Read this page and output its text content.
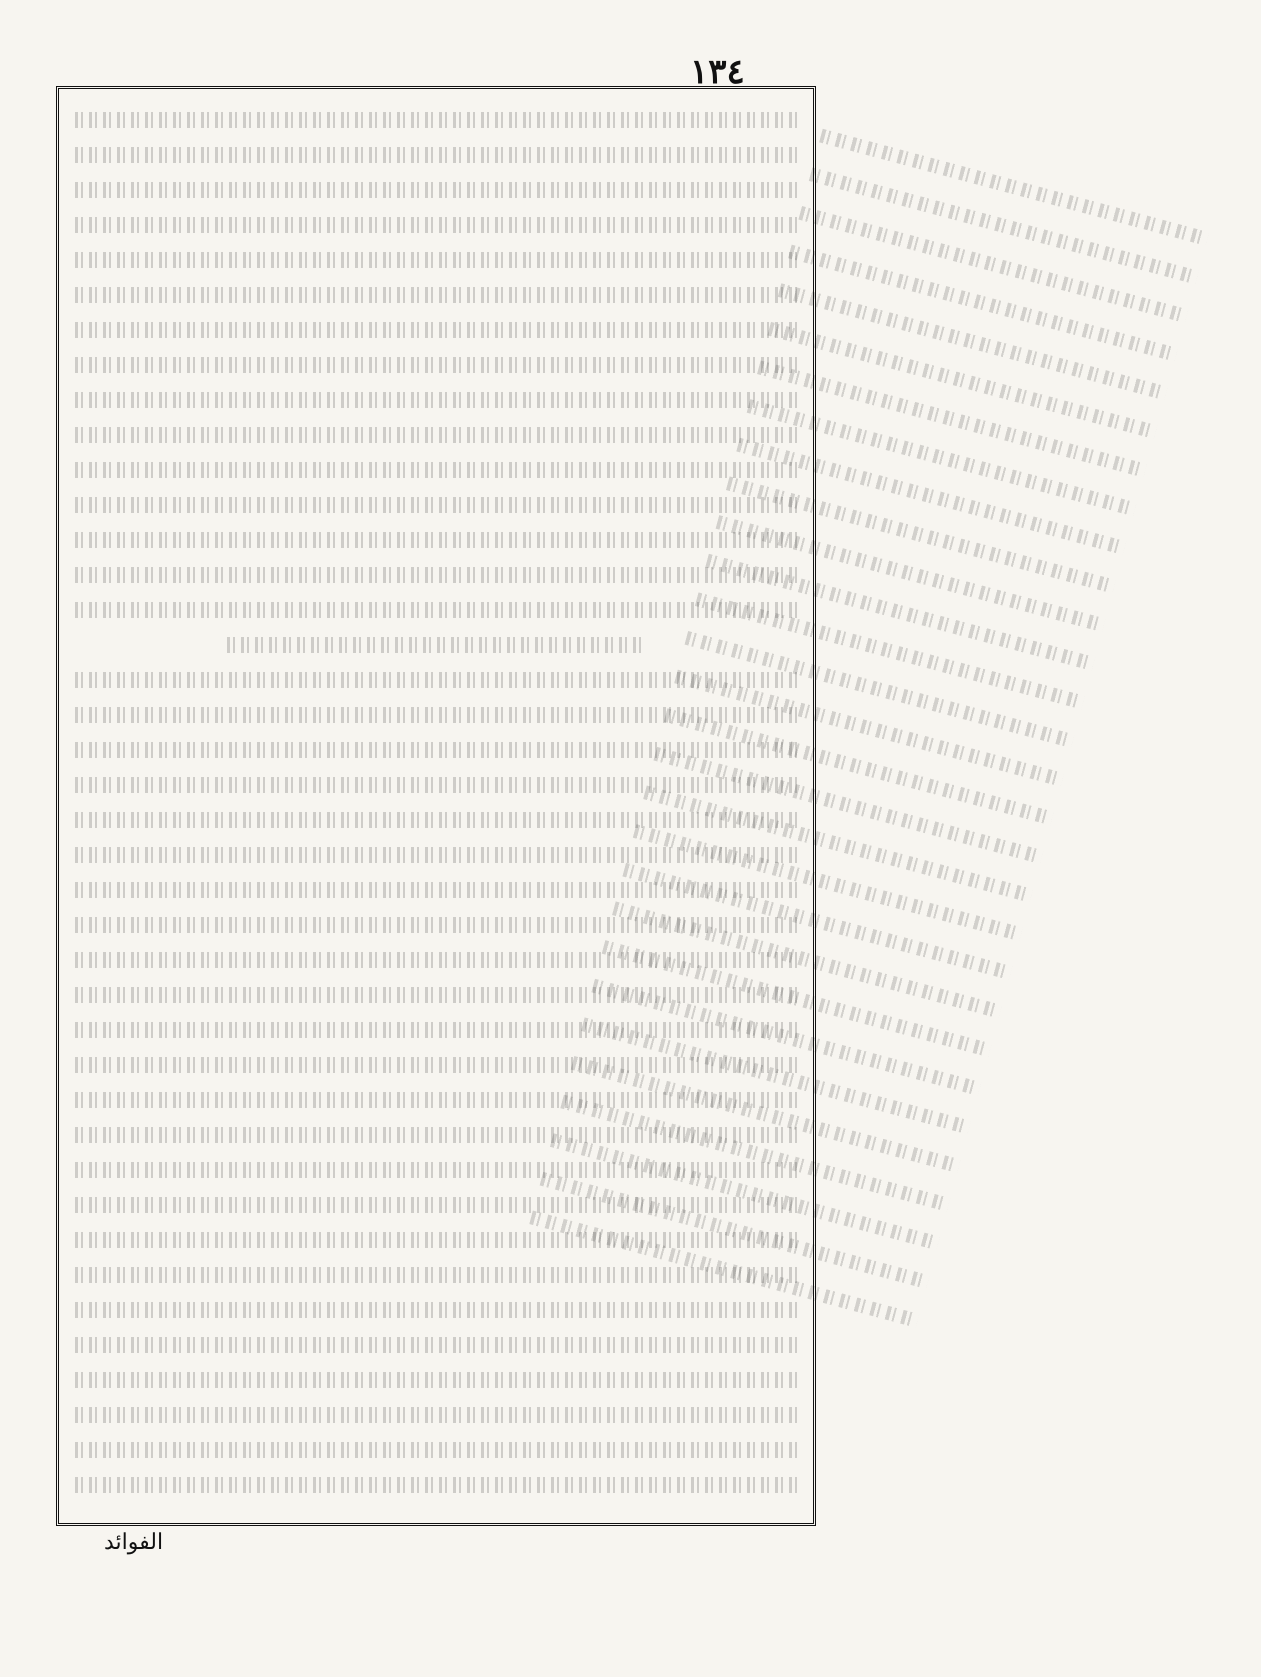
١٣٤
الفوائد
